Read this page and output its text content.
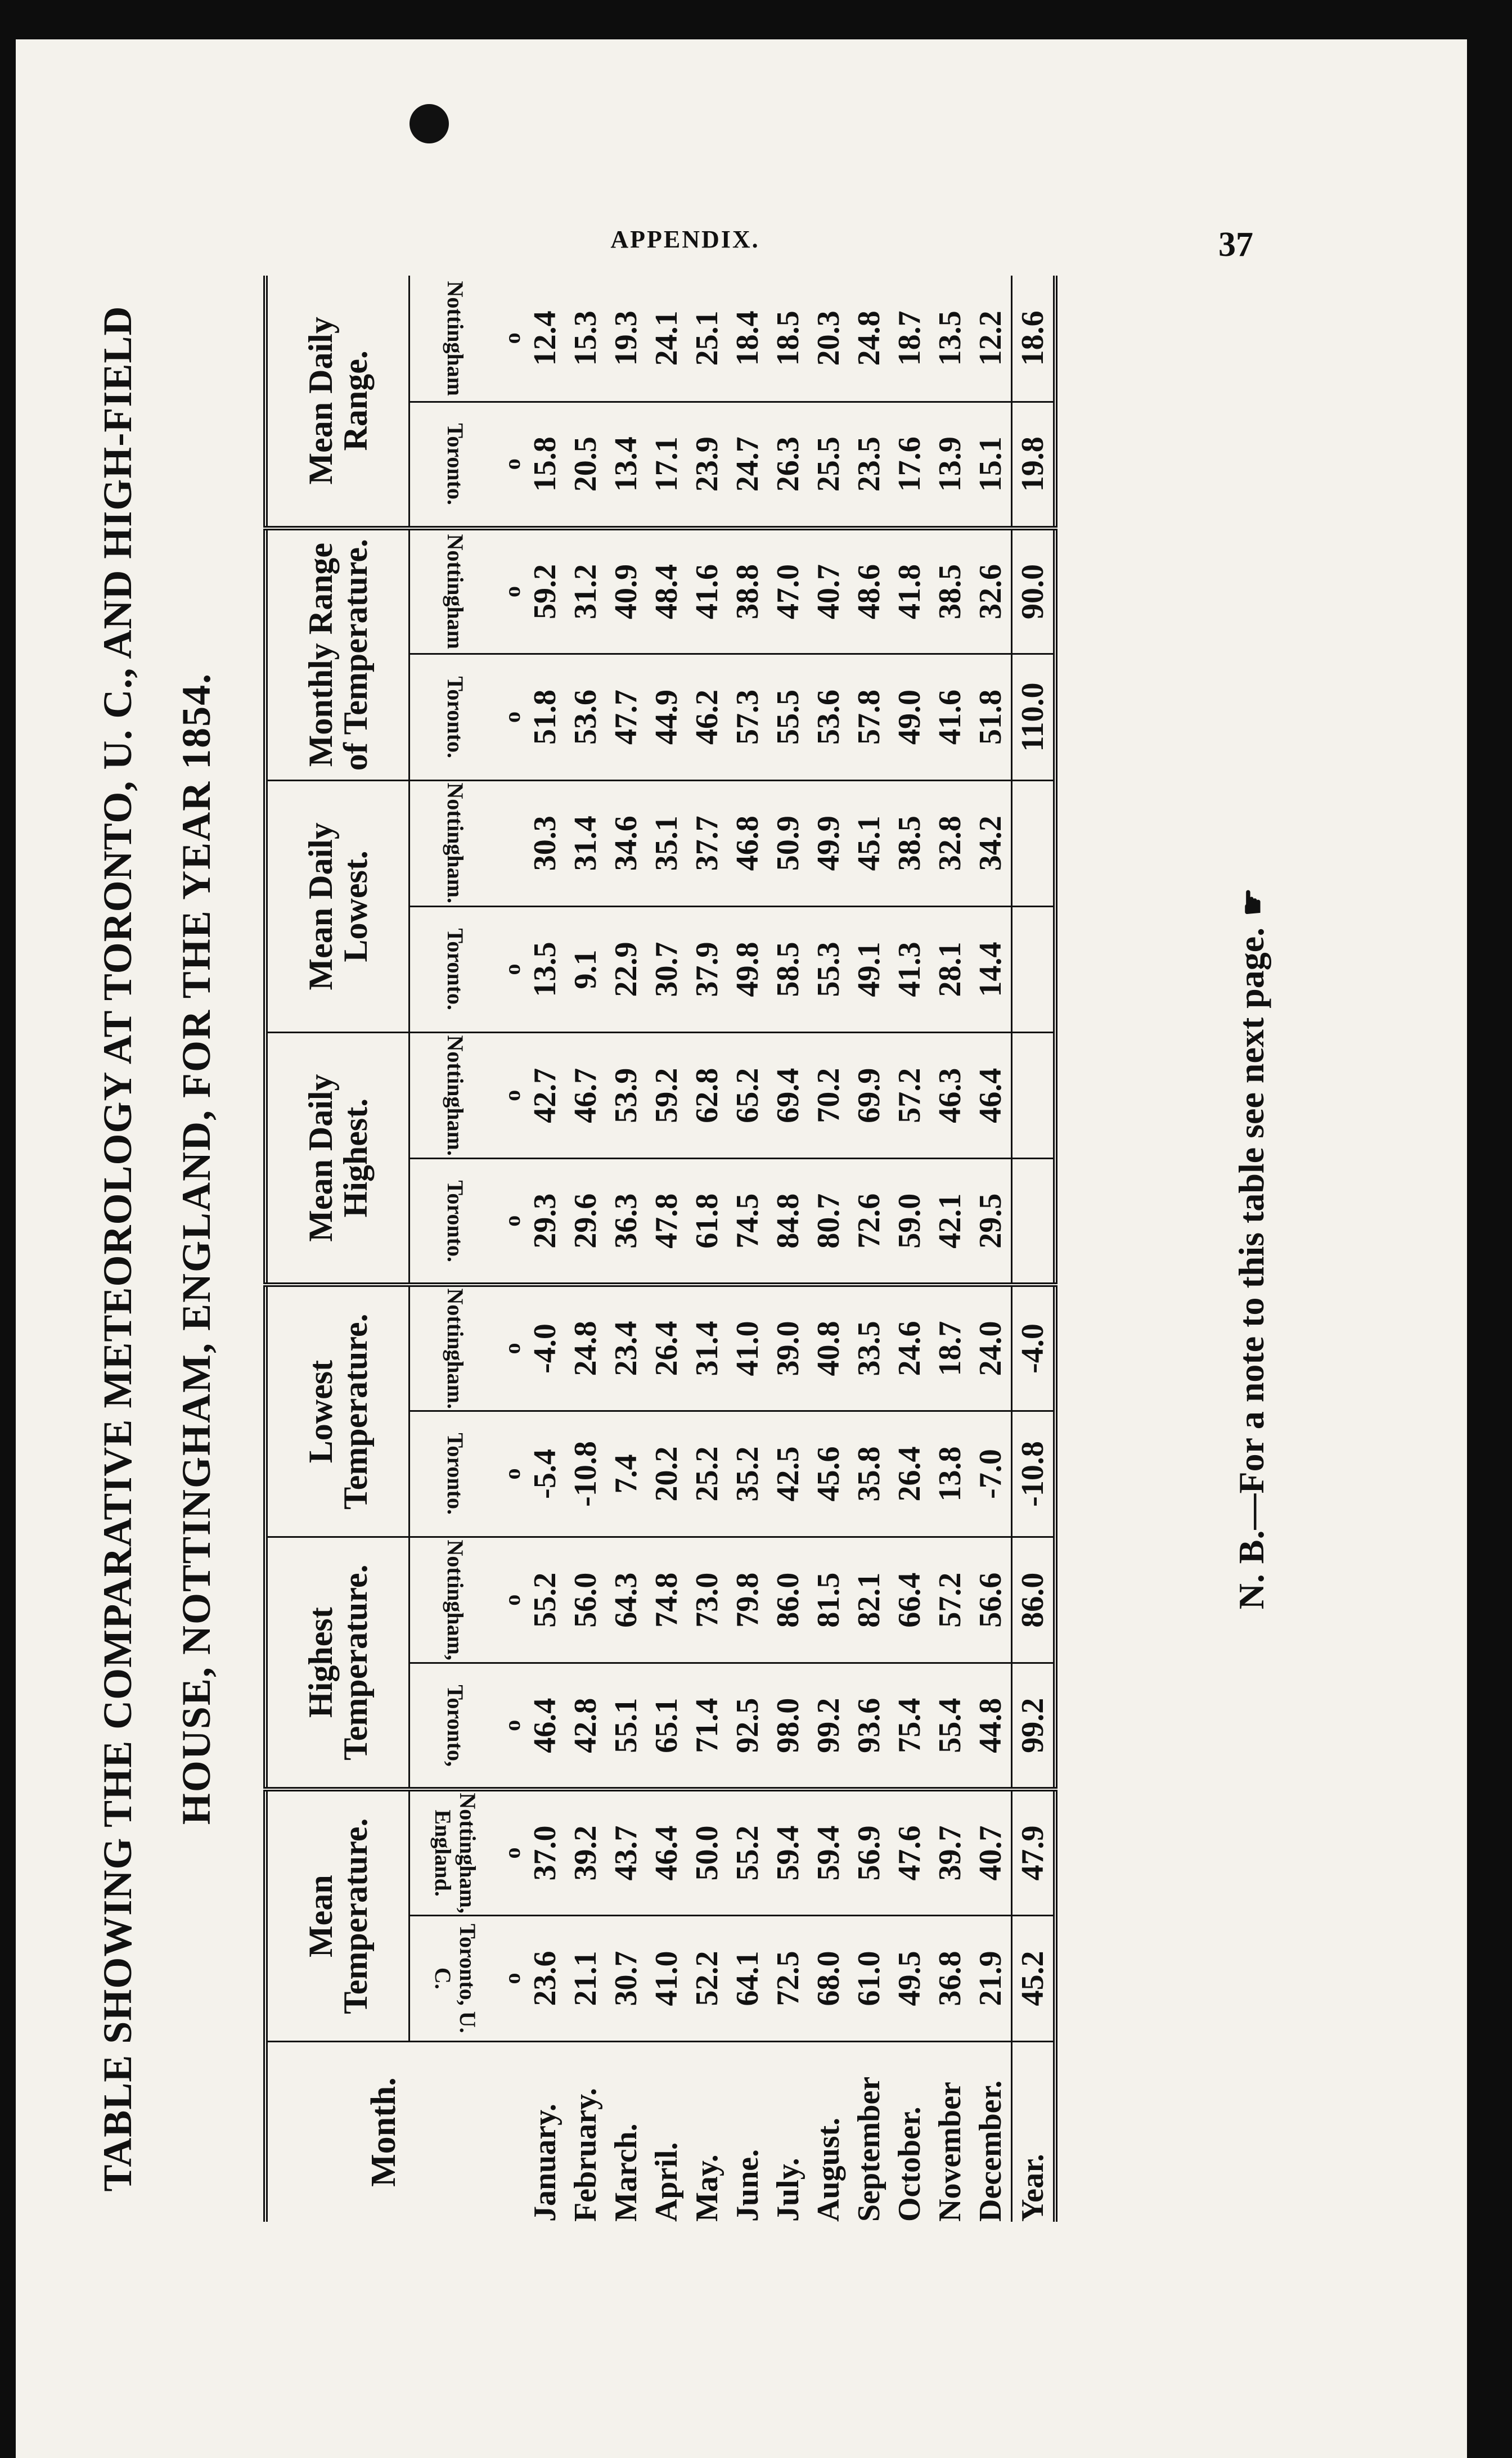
APPENDIX.	37
TABLE SHOWING THE COMPARATIVE METEOROLOGY AT TORONTO, U. C., AND HIGH-FIELD HOUSE, NOTTINGHAM, ENGLAND, FOR THE YEAR 1854.
Month.	Mean Temperature.		Highest Temperature.		Lowest Temperature.		Mean Daily Highest.		Mean Daily Lowest.		Monthly Range of Temperature.		Mean Daily Range.	
	Toronto, U. C.	Nottingham, England.	Toronto,	Nottingham,	Toronto.	Nottingham.	Toronto.	Nottingham.	Toronto.	Nottingham.	Toronto.	Nottingham	Toronto.	Nottingham
	o	o	o	o	o	o	o	o	o		o	o	o	o
January.	23.6	37.0	46.4	55.2	-5.4	-4.0	29.3	42.7	13.5	30.3	51.8	59.2	15.8	12.4
February.	21.1	39.2	42.8	56.0	-10.8	24.8	29.6	46.7	9.1	31.4	53.6	31.2	20.5	15.3
March.	30.7	43.7	55.1	64.3	7.4	23.4	36.3	53.9	22.9	34.6	47.7	40.9	13.4	19.3
April.	41.0	46.4	65.1	74.8	20.2	26.4	47.8	59.2	30.7	35.1	44.9	48.4	17.1	24.1
May.	52.2	50.0	71.4	73.0	25.2	31.4	61.8	62.8	37.9	37.7	46.2	41.6	23.9	25.1
June.	64.1	55.2	92.5	79.8	35.2	41.0	74.5	65.2	49.8	46.8	57.3	38.8	24.7	18.4
July.	72.5	59.4	98.0	86.0	42.5	39.0	84.8	69.4	58.5	50.9	55.5	47.0	26.3	18.5
August.	68.0	59.4	99.2	81.5	45.6	40.8	80.7	70.2	55.3	49.9	53.6	40.7	25.5	20.3
September	61.0	56.9	93.6	82.1	35.8	33.5	72.6	69.9	49.1	45.1	57.8	48.6	23.5	24.8
October.	49.5	47.6	75.4	66.4	26.4	24.6	59.0	57.2	41.3	38.5	49.0	41.8	17.6	18.7
November	36.8	39.7	55.4	57.2	13.8	18.7	42.1	46.3	28.1	32.8	41.6	38.5	13.9	13.5
December.	21.9	40.7	44.8	56.6	-7.0	24.0	29.5	46.4	14.4	34.2	51.8	32.6	15.1	12.2
Year.	45.2	47.9	99.2	86.0	-10.8	-4.0					110.0	90.0	19.8	18.6
N. B.—For a note to this table see next page.☛
